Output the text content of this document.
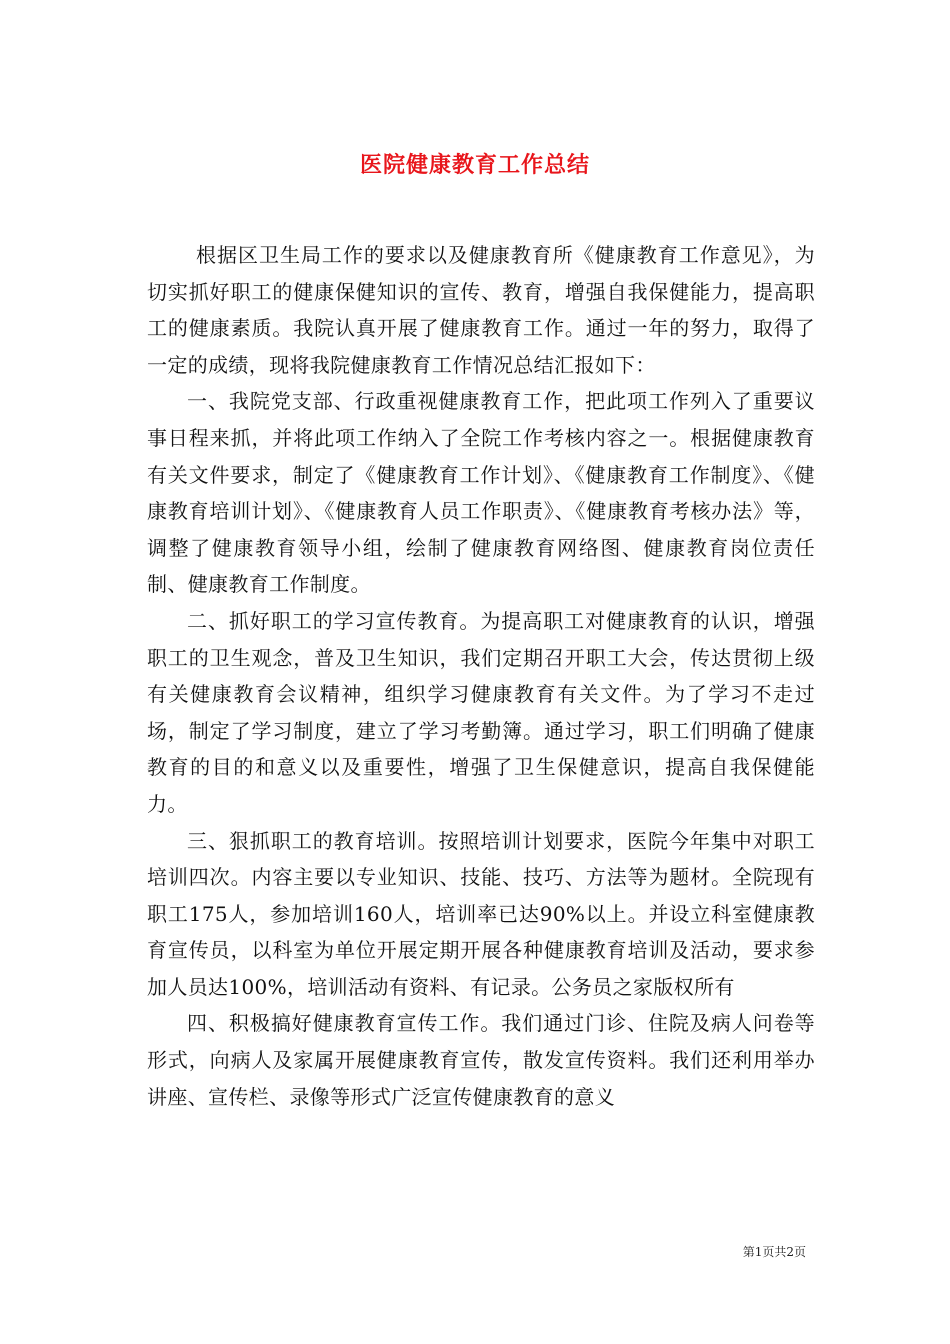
医院健康教育工作总结

根据区卫生局工作的要求以及健康教育所《健康教育工作意见》，为切实抓好职工的健康保健知识的宣传、教育，增强自我保健能力，提高职工的健康素质。我院认真开展了健康教育工作。通过一年的努力，取得了一定的成绩，现将我院健康教育工作情况总结汇报如下：

一、我院党支部、行政重视健康教育工作，把此项工作列入了重要议事日程来抓，并将此项工作纳入了全院工作考核内容之一。根据健康教育有关文件要求，制定了《健康教育工作计划》、《健康教育工作制度》、《健康教育培训计划》、《健康教育人员工作职责》、《健康教育考核办法》等，调整了健康教育领导小组，绘制了健康教育网络图、健康教育岗位责任制、健康教育工作制度。

二、抓好职工的学习宣传教育。为提高职工对健康教育的认识，增强职工的卫生观念，普及卫生知识，我们定期召开职工大会，传达贯彻上级有关健康教育会议精神，组织学习健康教育有关文件。为了学习不走过场，制定了学习制度，建立了学习考勤簿。通过学习，职工们明确了健康教育的目的和意义以及重要性，增强了卫生保健意识，提高自我保健能力。

三、狠抓职工的教育培训。按照培训计划要求，医院今年集中对职工培训四次。内容主要以专业知识、技能、技巧、方法等为题材。全院现有职工175人，参加培训160人，培训率已达90%以上。并设立科室健康教育宣传员，以科室为单位开展定期开展各种健康教育培训及活动，要求参加人员达100%，培训活动有资料、有记录。公务员之家版权所有

四、积极搞好健康教育宣传工作。我们通过门诊、住院及病人问卷等形式，向病人及家属开展健康教育宣传，散发宣传资料。我们还利用举办讲座、宣传栏、录像等形式广泛宣传健康教育的意义

第1页共2页
